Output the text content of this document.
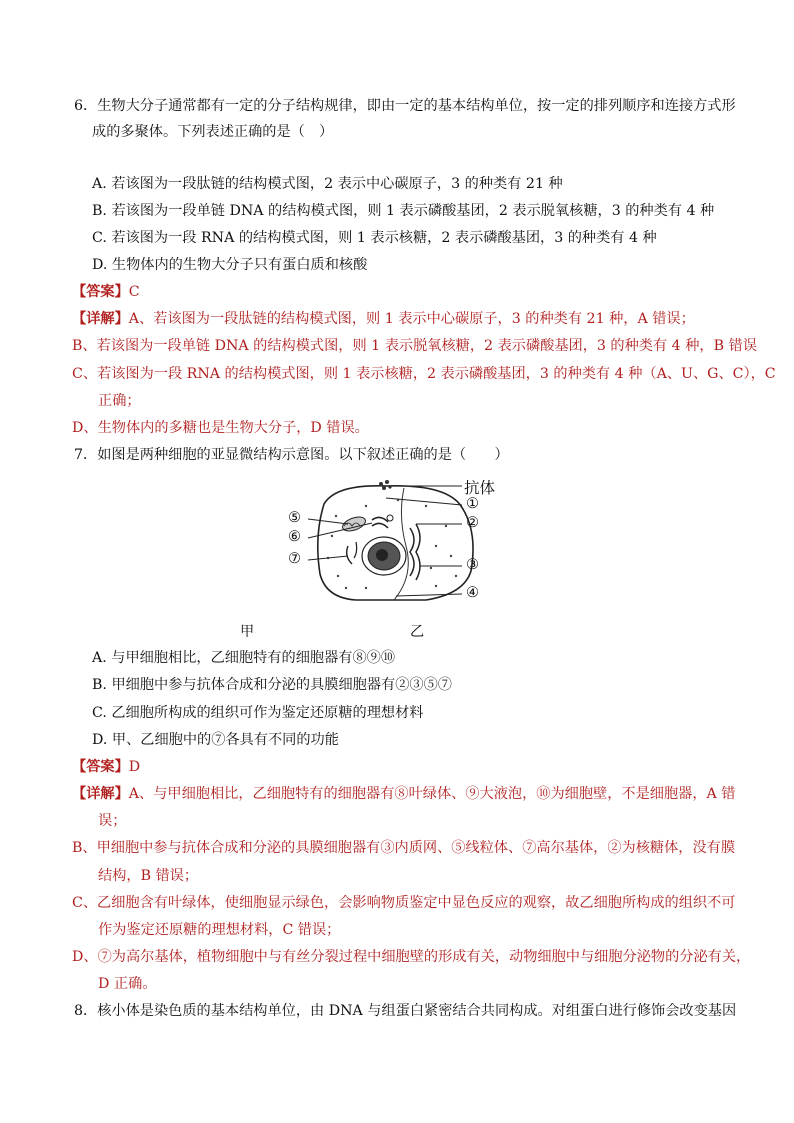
6．生物大分子通常都有一定的分子结构规律，即由一定的基本结构单位，按一定的排列顺序和连接方式形
成的多聚体。下列表述正确的是（　）
A. 若该图为一段肽链的结构模式图，2 表示中心碳原子，3 的种类有 21 种
B. 若该图为一段单链 DNA 的结构模式图，则 1 表示磷酸基团，2 表示脱氧核糖，3 的种类有 4 种
C. 若该图为一段 RNA 的结构模式图，则 1 表示核糖，2 表示磷酸基团，3 的种类有 4 种
D. 生物体内的生物大分子只有蛋白质和核酸
【答案】C
【详解】A、若该图为一段肽链的结构模式图，则 1 表示中心碳原子，3 的种类有 21 种，A 错误；
B、若该图为一段单链 DNA 的结构模式图，则 1 表示脱氧核糖，2 表示磷酸基团，3 的种类有 4 种，B 错误
C、若该图为一段 RNA 的结构模式图，则 1 表示核糖，2 表示磷酸基团，3 的种类有 4 种（A、U、G、C），C
正确；
D、生物体内的多糖也是生物大分子，D 错误。
7．如图是两种细胞的亚显微结构示意图。以下叙述正确的是（　　）
抗体
①
②
③
④
⑤
⑥
⑦
甲	乙
A. 与甲细胞相比，乙细胞特有的细胞器有⑧⑨⑩
B. 甲细胞中参与抗体合成和分泌的具膜细胞器有②③⑤⑦
C. 乙细胞所构成的组织可作为鉴定还原糖的理想材料
D. 甲、乙细胞中的⑦各具有不同的功能
【答案】D
【详解】A、与甲细胞相比，乙细胞特有的细胞器有⑧叶绿体、⑨大液泡，⑩为细胞壁，不是细胞器，A 错
误；
B、甲细胞中参与抗体合成和分泌的具膜细胞器有③内质网、⑤线粒体、⑦高尔基体，②为核糖体，没有膜
结构，B 错误；
C、乙细胞含有叶绿体，使细胞显示绿色，会影响物质鉴定中显色反应的观察，故乙细胞所构成的组织不可
作为鉴定还原糖的理想材料，C 错误；
D、⑦为高尔基体，植物细胞中与有丝分裂过程中细胞壁的形成有关，动物细胞中与细胞分泌物的分泌有关，
D 正确。
8．核小体是染色质的基本结构单位，由 DNA 与组蛋白紧密结合共同构成。对组蛋白进行修饰会改变基因
